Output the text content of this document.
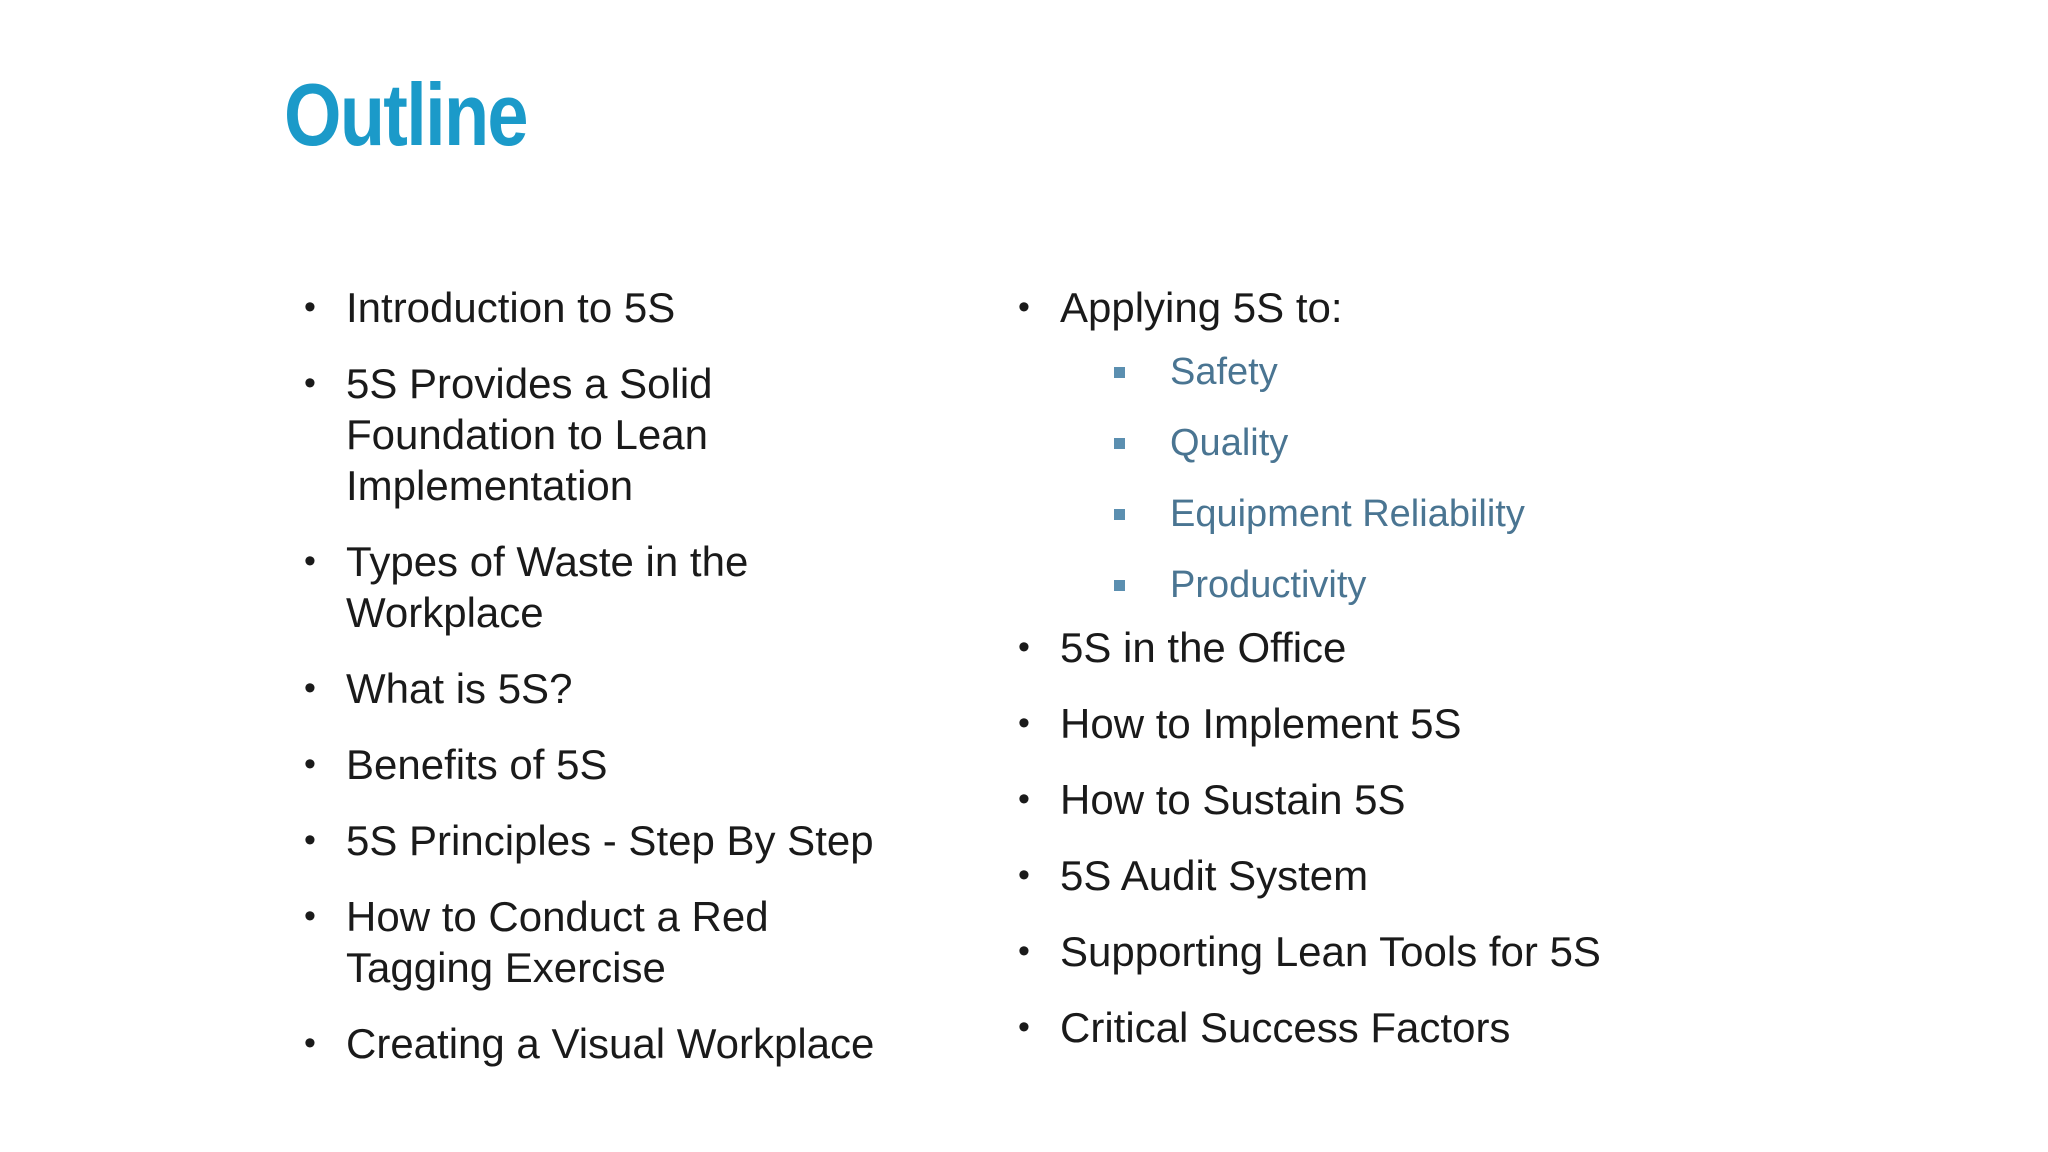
Outline
• Introduction to 5S
• 5S Provides a Solid Foundation to Lean Implementation
• Types of Waste in the Workplace
• What is 5S?
• Benefits of 5S
• 5S Principles - Step By Step
• How to Conduct a Red Tagging Exercise
• Creating a Visual Workplace
• Applying 5S to:
Safety
Quality
Equipment Reliability
Productivity
• 5S in the Office
• How to Implement 5S
• How to Sustain 5S
• 5S Audit System
• Supporting Lean Tools for 5S
• Critical Success Factors
